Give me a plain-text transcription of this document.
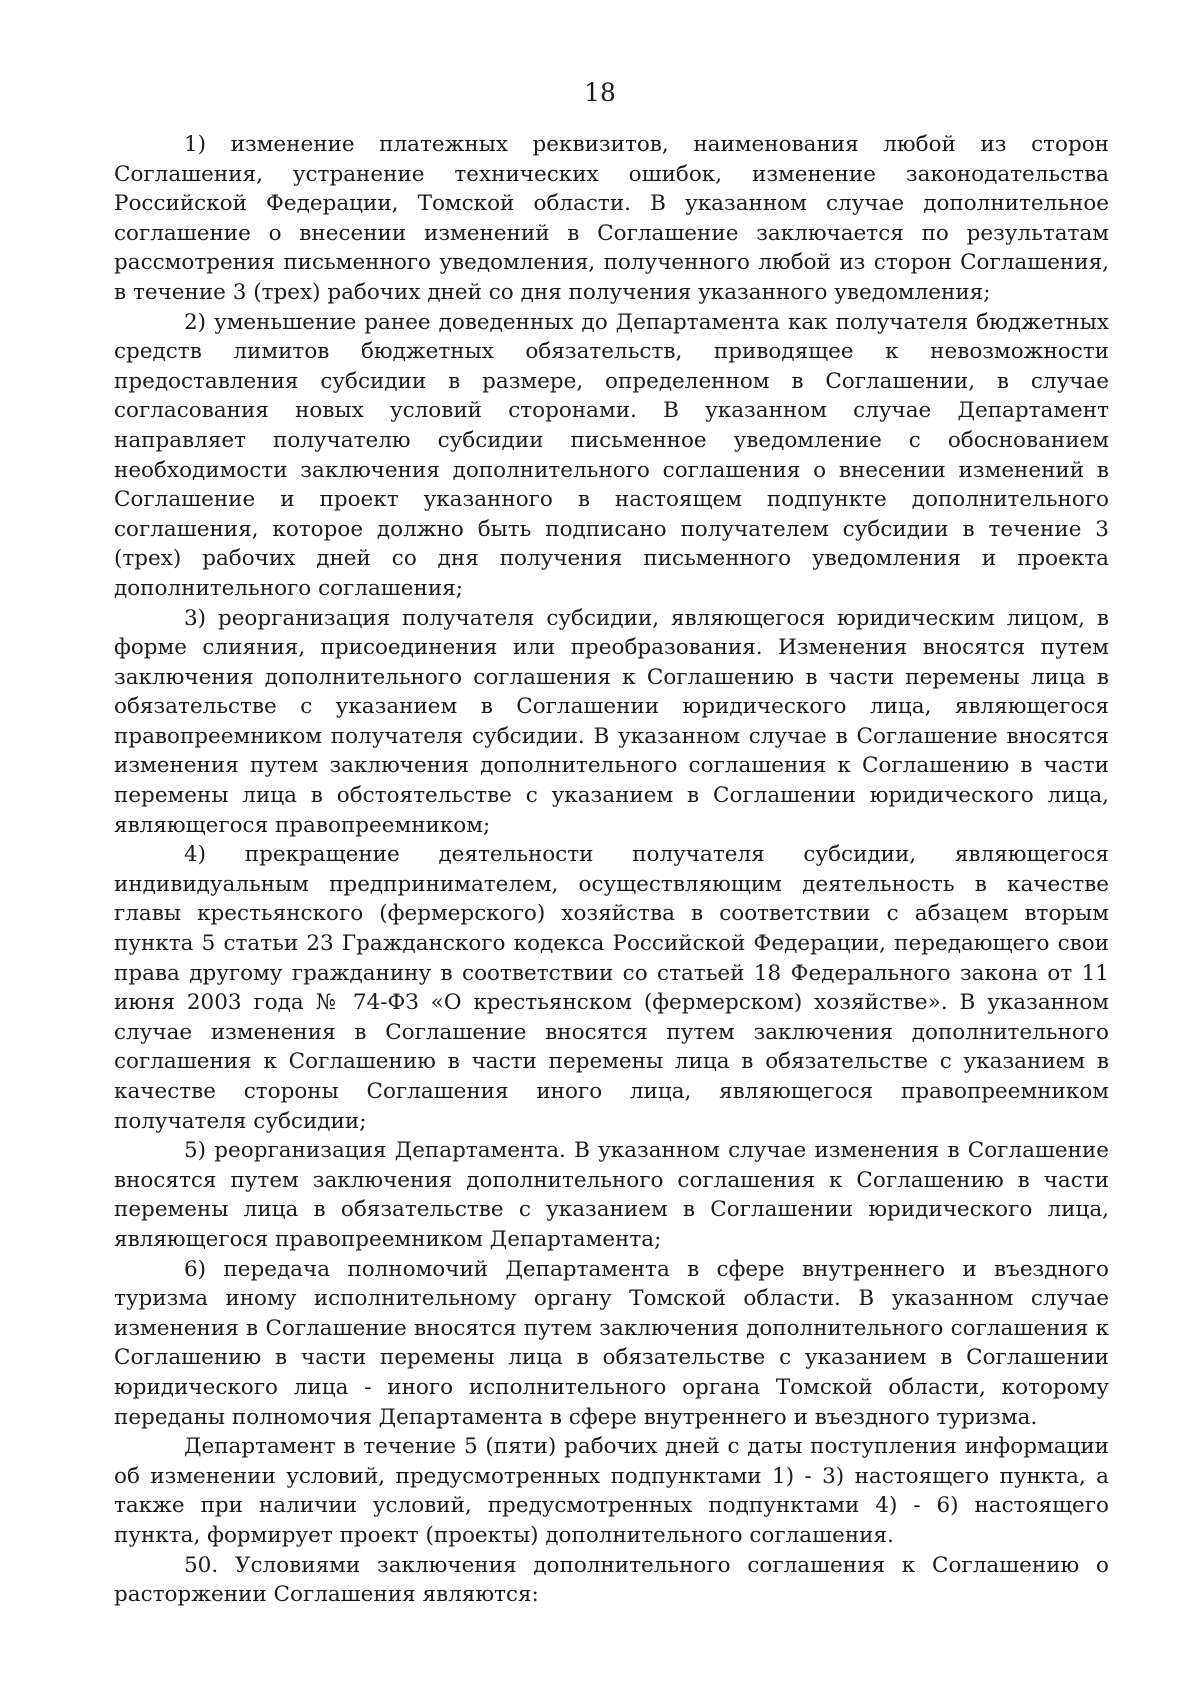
18

1) изменение платежных реквизитов, наименования любой из сторон Соглашения, устранение технических ошибок, изменение законодательства Российской Федерации, Томской области. В указанном случае дополнительное соглашение о внесении изменений в Соглашение заключается по результатам рассмотрения письменного уведомления, полученного любой из сторон Соглашения, в течение 3 (трех) рабочих дней со дня получения указанного уведомления;

2) уменьшение ранее доведенных до Департамента как получателя бюджетных средств лимитов бюджетных обязательств, приводящее к невозможности предоставления субсидии в размере, определенном в Соглашении, в случае согласования новых условий сторонами. В указанном случае Департамент направляет получателю субсидии письменное уведомление с обоснованием необходимости заключения дополнительного соглашения о внесении изменений в Соглашение и проект указанного в настоящем подпункте дополнительного соглашения, которое должно быть подписано получателем субсидии в течение 3 (трех) рабочих дней со дня получения письменного уведомления и проекта дополнительного соглашения;

3) реорганизация получателя субсидии, являющегося юридическим лицом, в форме слияния, присоединения или преобразования. Изменения вносятся путем заключения дополнительного соглашения к Соглашению в части перемены лица в обязательстве с указанием в Соглашении юридического лица, являющегося правопреемником получателя субсидии. В указанном случае в Соглашение вносятся изменения путем заключения дополнительного соглашения к Соглашению в части перемены лица в обстоятельстве с указанием в Соглашении юридического лица, являющегося правопреемником;

4) прекращение деятельности получателя субсидии, являющегося индивидуальным предпринимателем, осуществляющим деятельность в качестве главы крестьянского (фермерского) хозяйства в соответствии с абзацем вторым пункта 5 статьи 23 Гражданского кодекса Российской Федерации, передающего свои права другому гражданину в соответствии со статьей 18 Федерального закона от 11 июня 2003 года № 74-ФЗ «О крестьянском (фермерском) хозяйстве». В указанном случае изменения в Соглашение вносятся путем заключения дополнительного соглашения к Соглашению в части перемены лица в обязательстве с указанием в качестве стороны Соглашения иного лица, являющегося правопреемником получателя субсидии;

5) реорганизация Департамента. В указанном случае изменения в Соглашение вносятся путем заключения дополнительного соглашения к Соглашению в части перемены лица в обязательстве с указанием в Соглашении юридического лица, являющегося правопреемником Департамента;

6) передача полномочий Департамента в сфере внутреннего и въездного туризма иному исполнительному органу Томской области. В указанном случае изменения в Соглашение вносятся путем заключения дополнительного соглашения к Соглашению в части перемены лица в обязательстве с указанием в Соглашении юридического лица - иного исполнительного органа Томской области, которому переданы полномочия Департамента в сфере внутреннего и въездного туризма.

Департамент в течение 5 (пяти) рабочих дней с даты поступления информации об изменении условий, предусмотренных подпунктами 1) - 3) настоящего пункта, а также при наличии условий, предусмотренных подпунктами 4) - 6) настоящего пункта, формирует проект (проекты) дополнительного соглашения.

50. Условиями заключения дополнительного соглашения к Соглашению о расторжении Соглашения являются:
